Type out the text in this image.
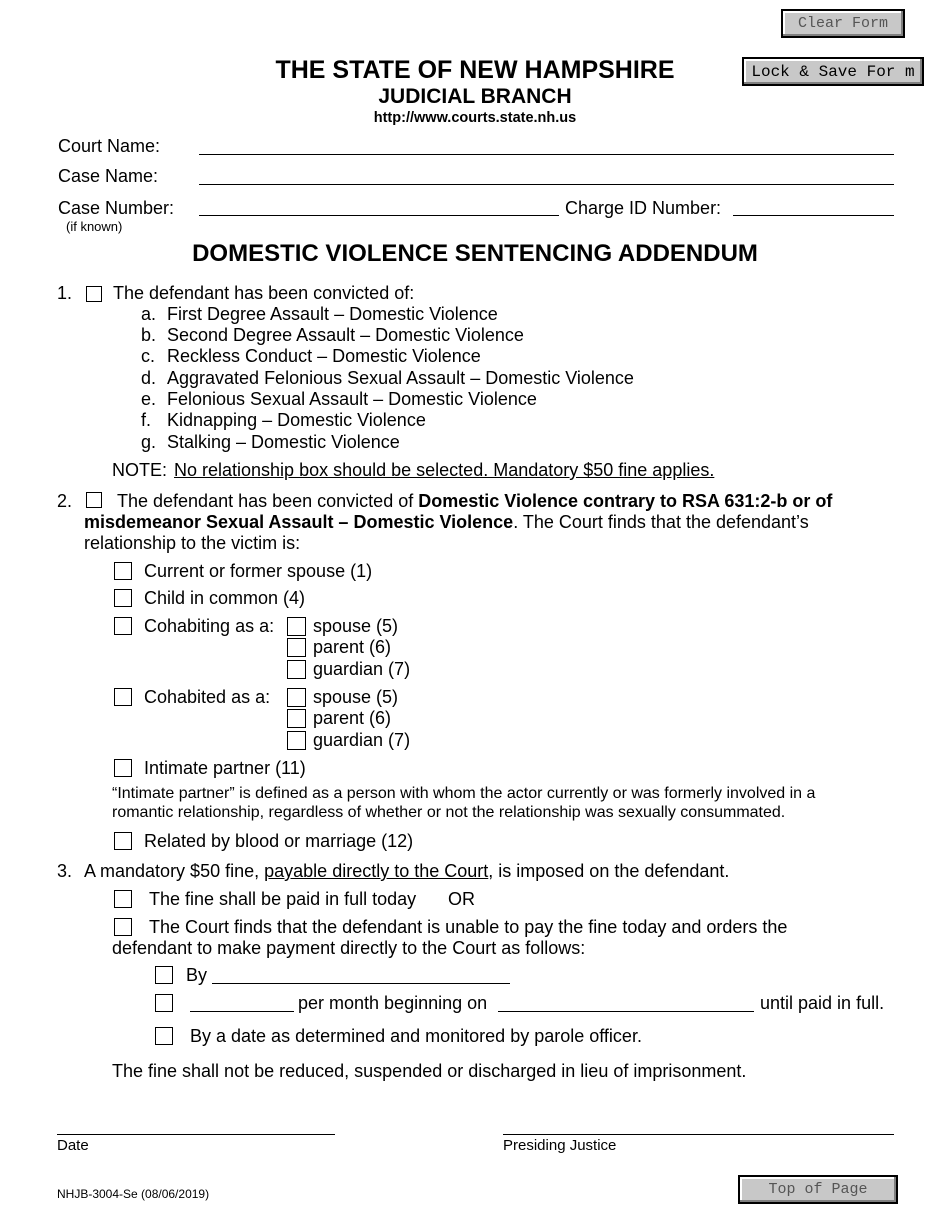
Clear Form
Lock & Save For m
THE STATE OF NEW HAMPSHIRE
JUDICIAL BRANCH
http://www.courts.state.nh.us
Court Name:
Case Name:
Case Number:
(if known)
Charge ID Number:
DOMESTIC VIOLENCE SENTENCING ADDENDUM
1. The defendant has been convicted of:
a. First Degree Assault – Domestic Violence
b. Second Degree Assault – Domestic Violence
c. Reckless Conduct – Domestic Violence
d. Aggravated Felonious Sexual Assault – Domestic Violence
e. Felonious Sexual Assault – Domestic Violence
f. Kidnapping – Domestic Violence
g. Stalking – Domestic Violence
NOTE: No relationship box should be selected. Mandatory $50 fine applies.
2. The defendant has been convicted of Domestic Violence contrary to RSA 631:2-b or of
misdemeanor Sexual Assault – Domestic Violence. The Court finds that the defendant’s
relationship to the victim is:
Current or former spouse (1)
Child in common (4)
Cohabiting as a: spouse (5)
parent (6)
guardian (7)
Cohabited as a: spouse (5)
parent (6)
guardian (7)
Intimate partner (11)
“Intimate partner” is defined as a person with whom the actor currently or was formerly involved in a
romantic relationship, regardless of whether or not the relationship was sexually consummated.
Related by blood or marriage (12)
3. A mandatory $50 fine, payable directly to the Court, is imposed on the defendant.
The fine shall be paid in full today OR
The Court finds that the defendant is unable to pay the fine today and orders the
defendant to make payment directly to the Court as follows:
By
per month beginning on	until paid in full.
By a date as determined and monitored by parole officer.
The fine shall not be reduced, suspended or discharged in lieu of imprisonment.
Date	Presiding Justice
NHJB-3004-Se (08/06/2019)	Top of Page
